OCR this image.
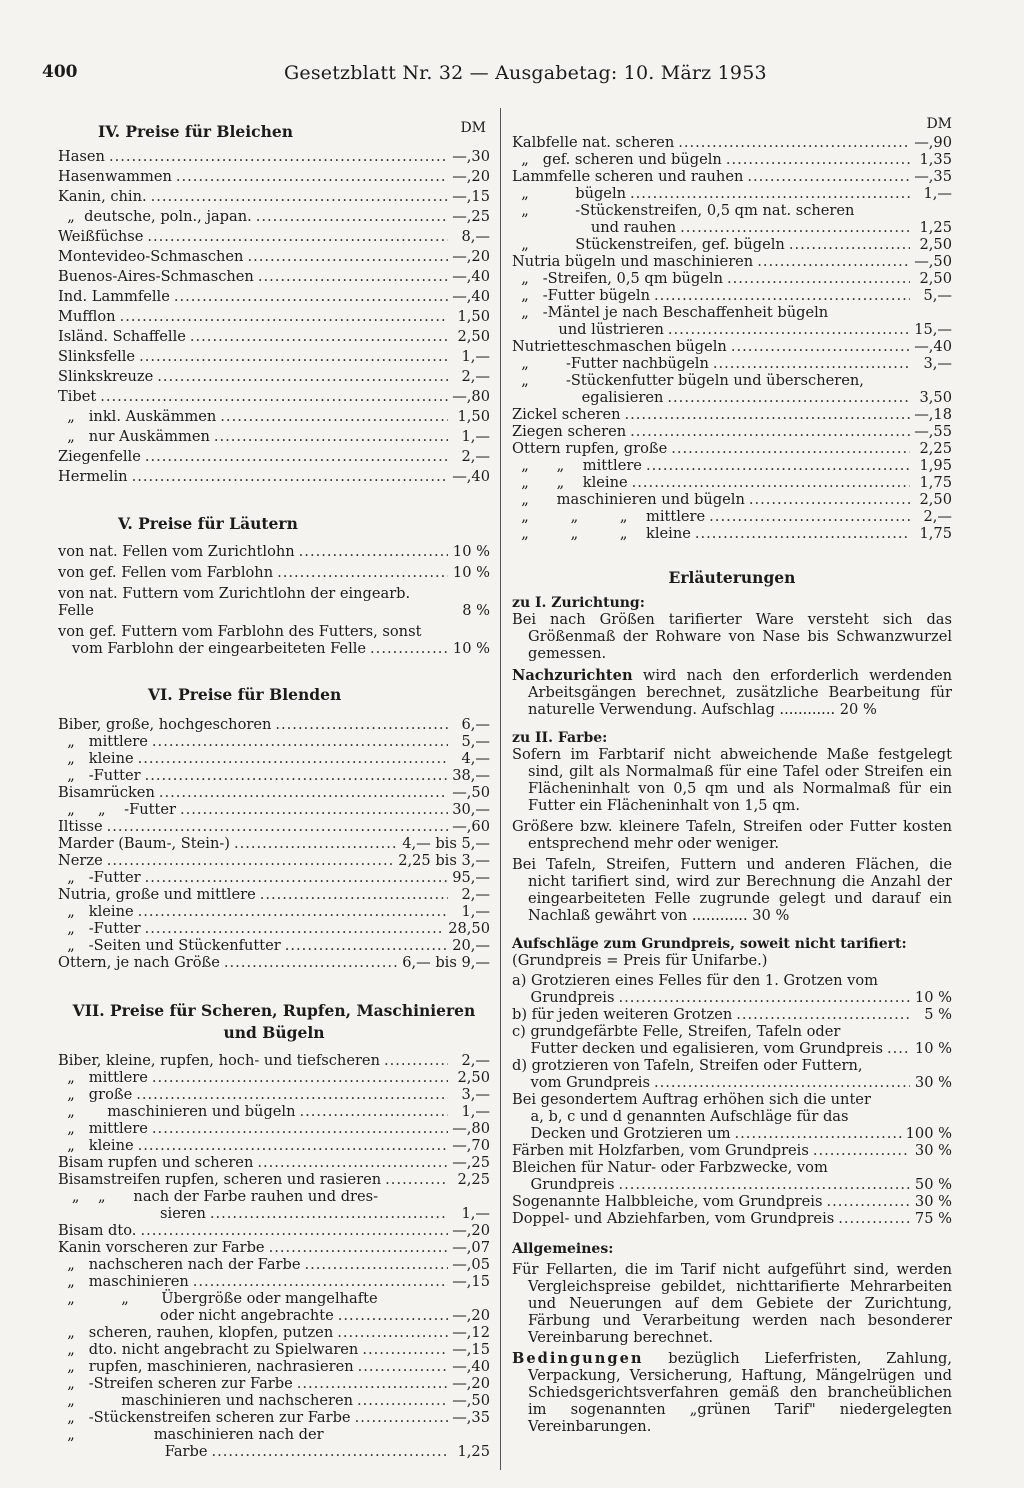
400	Gesetzblatt Nr. 32 — Ausgabetag: 10. März 1953
IV. Preise für Bleichen	DM
Hasen .....	—,30
Hasenwammen .....	—,20
Kanin, chin. .....	—,15
„  deutsche, poln., japan. .....	—,25
Weißfüchse .....	8,—
Montevideo-Schmaschen .....	—,20
Buenos-Aires-Schmaschen .....	—,40
Ind. Lammfelle .....	—,40
Mufflon .....	1,50
Isländ. Schaffelle .....	2,50
Slinksfelle .....	1,—
Slinkskreuze .....	2,—
Tibet .....	—,80
„   inkl. Auskämmen .....	1,50
„   nur Auskämmen .....	1,—
Ziegenfelle .....	2,—
Hermelin .....	—,40
V. Preise für Läutern
von nat. Fellen vom Zurichtlohn .....	10 %
von gef. Fellen vom Farblohn .....	10 %
von nat. Futtern vom Zurichtlohn der eingearb.
Felle	8 %
von gef. Futtern vom Farblohn des Futters, sonst
vom Farblohn der eingearbeiteten Felle .....	10 %
VI. Preise für Blenden
Biber, große, hochgeschoren .....	6,—
„   mittlere .....	5,—
„   kleine .....	4,—
„   -Futter .....	38,—
Bisamrücken .....	—,50
„     „    -Futter .....	30,—
Iltisse .....	—,60
Marder (Baum-, Stein-) .....	4,— bis 5,—
Nerze .....	2,25 bis 3,—
„   -Futter .....	95,—
Nutria, große und mittlere .....	2,—
„   kleine .....	1,—
„   -Futter .....	28,50
„   -Seiten und Stückenfutter .....	20,—
Ottern, je nach Größe .....	6,— bis 9,—
VII. Preise für Scheren, Rupfen, Maschinieren
und Bügeln
Biber, kleine, rupfen, hoch- und tiefscheren .....	2,—
„   mittlere .....	2,50
„   große .....	3,—
„       maschinieren und bügeln .....	1,—
„   mittlere .....	—,80
„   kleine .....	—,70
Bisam rupfen und scheren .....	—,25
Bisamstreifen rupfen, scheren und rasieren .....	2,25
„    „      nach der Farbe rauhen und dres-
sieren .....	1,—
Bisam dto. .....	—,20
Kanin vorscheren zur Farbe .....	—,07
„   nachscheren nach der Farbe .....	—,05
„   maschinieren .....	—,15
„          „       Übergröße oder mangelhafte
oder nicht angebrachte .....	—,20
„   scheren, rauhen, klopfen, putzen .....	—,12
„   dto. nicht angebracht zu Spielwaren .....	—,15
„   rupfen, maschinieren, nachrasieren .....	—,40
„   -Streifen scheren zur Farbe .....	—,20
„          maschinieren und nachscheren .....	—,50
„   -Stückenstreifen scheren zur Farbe .....	—,35
„                 maschinieren nach der
Farbe .....	1,25
DM
Kalbfelle nat. scheren .....	—,90
„   gef. scheren und bügeln .....	1,35
Lammfelle scheren und rauhen .....	—,35
„          bügeln .....	1,—
„          -Stückenstreifen, 0,5 qm nat. scheren
und rauhen .....	1,25
„          Stückenstreifen, gef. bügeln .....	2,50
Nutria bügeln und maschinieren .....	—,50
„   -Streifen, 0,5 qm bügeln .....	2,50
„   -Futter bügeln .....	5,—
„   -Mäntel je nach Beschaffenheit bügeln
und lüstrieren .....	15,—
Nutrietteschmaschen bügeln .....	—,40
„        -Futter nachbügeln .....	3,—
„        -Stückenfutter bügeln und überscheren,
egalisieren .....	3,50
Zickel scheren .....	—,18
Ziegen scheren .....	—,55
Ottern rupfen, große .....	2,25
„      „    mittlere .....	1,95
„      „    kleine .....	1,75
„      maschinieren und bügeln .....	2,50
„         „         „    mittlere .....	2,—
„         „         „    kleine .....	1,75
Erläuterungen
zu I. Zurichtung:
Bei nach Größen tarifierter Ware versteht sich das Größenmaß der Rohware von Nase bis Schwanzwurzel gemessen.
Nachzurichten wird nach den erforderlich werdenden Arbeitsgängen berechnet, zusätzliche Bearbeitung für naturelle Verwendung. Aufschlag ............ 20 %
zu II. Farbe:
Sofern im Farbtarif nicht abweichende Maße festgelegt sind, gilt als Normalmaß für eine Tafel oder Streifen ein Flächeninhalt von 0,5 qm und als Normalmaß für ein Futter ein Flächeninhalt von 1,5 qm.
Größere bzw. kleinere Tafeln, Streifen oder Futter kosten entsprechend mehr oder weniger.
Bei Tafeln, Streifen, Futtern und anderen Flächen, die nicht tarifiert sind, wird zur Berechnung die Anzahl der eingearbeiteten Felle zugrunde gelegt und darauf ein Nachlaß gewährt von ............ 30 %
Aufschläge zum Grundpreis, soweit nicht tarifiert:
(Grundpreis = Preis für Unifarbe.)
a) Grotzieren eines Felles für den 1. Grotzen vom
Grundpreis .....	10 %
b) für jeden weiteren Grotzen .....	5 %
c) grundgefärbte Felle, Streifen, Tafeln oder
Futter decken und egalisieren, vom Grundpreis ..... 10 %
d) grotzieren von Tafeln, Streifen oder Futtern,
vom Grundpreis .....	30 %
Bei gesondertem Auftrag erhöhen sich die unter
a, b, c und d genannten Aufschläge für das
Decken und Grotzieren um .....	100 %
Färben mit Holzfarben, vom Grundpreis .....	30 %
Bleichen für Natur- oder Farbzwecke, vom
Grundpreis .....	50 %
Sogenannte Halbbleiche, vom Grundpreis .....	30 %
Doppel- und Abziehfarben, vom Grundpreis .....	75 %
Allgemeines:
Für Fellarten, die im Tarif nicht aufgeführt sind, werden Vergleichspreise gebildet, nichttarifierte Mehrarbeiten und Neuerungen auf dem Gebiete der Zurichtung, Färbung und Verarbeitung werden nach besonderer Vereinbarung berechnet.
Bedingungen bezüglich Lieferfristen, Zahlung, Verpackung, Versicherung, Haftung, Mängelrügen und Schiedsgerichtsverfahren gemäß den brancheüblichen im sogenannten „grünen Tarif" niedergelegten Vereinbarungen.
